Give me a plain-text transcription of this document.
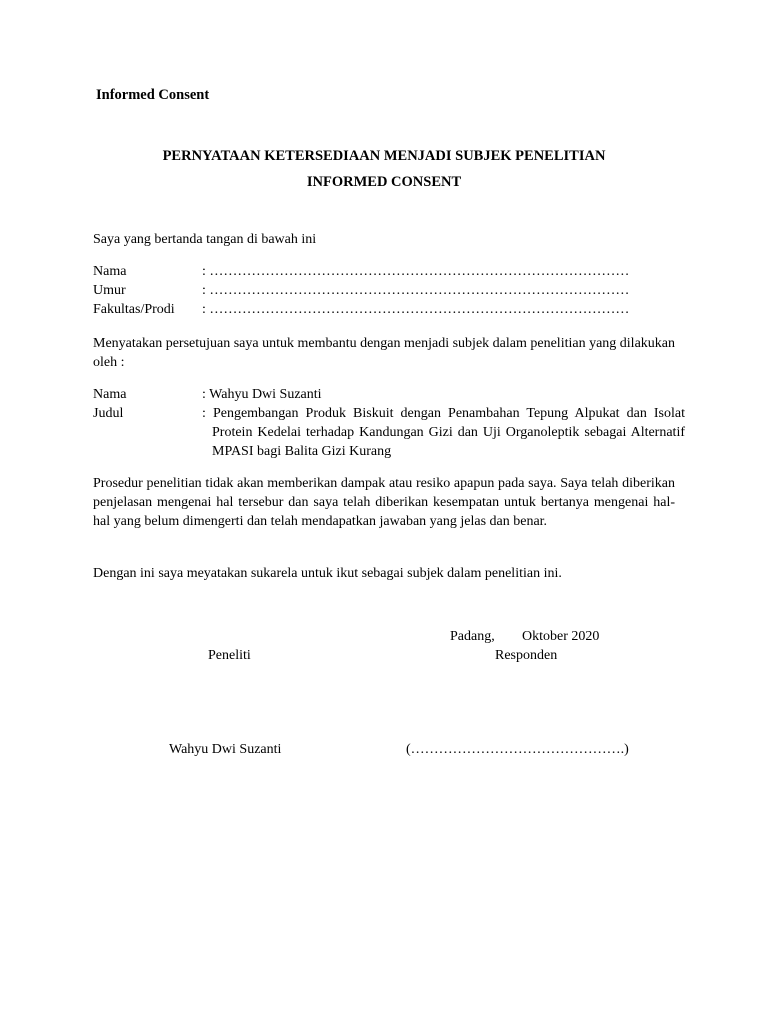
Informed Consent
PERNYATAAN KETERSEDIAAN MENJADI SUBJEK PENELITIAN
INFORMED CONSENT
Saya yang bertanda tangan di bawah ini
Nama	: ………………………………………………………………………………
Umur	: ………………………………………………………………………………
Fakultas/Prodi : ………………………………………………………………………………
Menyatakan persetujuan saya untuk membantu dengan menjadi subjek dalam penelitian yang dilakukan oleh :
Nama	: Wahyu Dwi Suzanti
Judul	: Pengembangan Produk Biskuit dengan Penambahan Tepung Alpukat dan Isolat Protein Kedelai terhadap Kandungan Gizi dan Uji Organoleptik sebagai Alternatif MPASI bagi Balita Gizi Kurang
Prosedur penelitian tidak akan memberikan dampak atau resiko apapun pada saya. Saya telah diberikan penjelasan mengenai hal tersebur dan saya telah diberikan kesempatan untuk bertanya mengenai hal-hal yang belum dimengerti dan telah mendapatkan jawaban yang jelas dan benar.
Dengan ini saya meyatakan sukarela untuk ikut sebagai subjek dalam penelitian ini.
Padang, Oktober 2020
Peneliti	Responden
Wahyu Dwi Suzanti	(……………………………………….)
